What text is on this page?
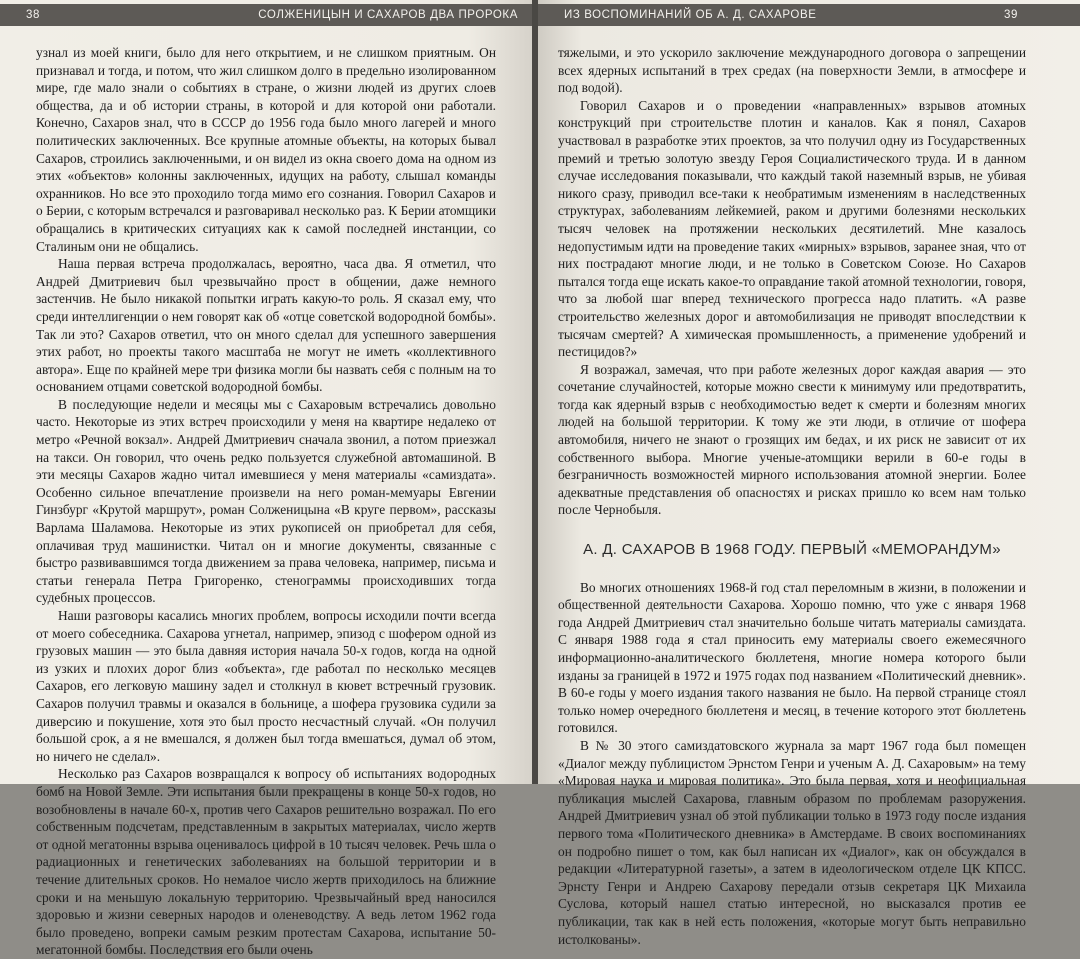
38	СОЛЖЕНИЦЫН И САХАРОВ ДВА ПРОРОКА

узнал из моей книги, было для него открытием, и не слишком приятным. Он признавал и тогда, и потом, что жил слишком долго в предельно изолированном мире, где мало знали о событиях в стране, о жизни людей из других слоев общества, да и об истории страны, в которой и для которой они работали. Конечно, Сахаров знал, что в СССР до 1956 года было много лагерей и много политических заключенных. Все крупные атомные объекты, на которых бывал Сахаров, строились заключенными, и он видел из окна своего дома на одном из этих «объектов» колонны заключенных, идущих на работу, слышал команды охранников. Но все это проходило тогда мимо его сознания. Говорил Сахаров и о Берии, с которым встречался и разговаривал несколько раз. К Берии атомщики обращались в критических ситуациях как к самой последней инстанции, со Сталиным они не общались.

Наша первая встреча продолжалась, вероятно, часа два. Я отметил, что Андрей Дмитриевич был чрезвычайно прост в общении, даже немного застенчив. Не было никакой попытки играть какую-то роль. Я сказал ему, что среди интеллигенции о нем говорят как об «отце советской водородной бомбы». Так ли это? Сахаров ответил, что он много сделал для успешного завершения этих работ, но проекты такого масштаба не могут не иметь «коллективного автора». Еще по крайней мере три физика могли бы назвать себя с полным на то основанием отцами советской водородной бомбы.

В последующие недели и месяцы мы с Сахаровым встречались довольно часто. Некоторые из этих встреч происходили у меня на квартире недалеко от метро «Речной вокзал». Андрей Дмитриевич сначала звонил, а потом приезжал на такси. Он говорил, что очень редко пользуется служебной автомашиной. В эти месяцы Сахаров жадно читал имевшиеся у меня материалы «самиздата». Особенно сильное впечатление произвели на него роман-мемуары Евгении Гинзбург «Крутой маршрут», роман Солженицына «В круге первом», рассказы Варлама Шаламова. Некоторые из этих рукописей он приобретал для себя, оплачивая труд машинистки. Читал он и многие документы, связанные с быстро развивавшимся тогда движением за права человека, например, письма и статьи генерала Петра Григоренко, стенограммы происходивших тогда судебных процессов.

Наши разговоры касались многих проблем, вопросы исходили почти всегда от моего собеседника. Сахарова угнетал, например, эпизод с шофером одной из грузовых машин — это была давняя история начала 50-х годов, когда на одной из узких и плохих дорог близ «объекта», где работал по несколько месяцев Сахаров, его легковую машину задел и столкнул в кювет встречный грузовик. Сахаров получил травмы и оказался в больнице, а шофера грузовика судили за диверсию и покушение, хотя это был просто несчастный случай. «Он получил большой срок, а я не вмешался, я должен был тогда вмешаться, думал об этом, но ничего не сделал».

Несколько раз Сахаров возвращался к вопросу об испытаниях водородных бомб на Новой Земле. Эти испытания были прекращены в конце 50-х годов, но возобновлены в начале 60-х, против чего Сахаров решительно возражал. По его собственным подсчетам, представленным в закрытых материалах, число жертв от одной мегатонны взрыва оценивалось цифрой в 10 тысяч человек. Речь шла о радиационных и генетических заболеваниях на большой территории и в течение длительных сроков. Но немалое число жертв приходилось на ближние сроки и на меньшую локальную территорию. Чрезвычайный вред наносился здоровью и жизни северных народов и оленеводству. А ведь летом 1962 года было проведено, вопреки самым резким протестам Сахарова, испытание 50-мегатонной бомбы. Последствия его были очень

ИЗ ВОСПОМИНАНИЙ ОБ А. Д. САХАРОВЕ	39

тяжелыми, и это ускорило заключение международного договора о запрещении всех ядерных испытаний в трех средах (на поверхности Земли, в атмосфере и под водой).

Говорил Сахаров и о проведении «направленных» взрывов атомных конструкций при строительстве плотин и каналов. Как я понял, Сахаров участвовал в разработке этих проектов, за что получил одну из Государственных премий и третью золотую звезду Героя Социалистического труда. И в данном случае исследования показывали, что каждый такой наземный взрыв, не убивая никого сразу, приводил все-таки к необратимым изменениям в наследственных структурах, заболеваниям лейкемией, раком и другими болезнями нескольких тысяч человек на протяжении нескольких десятилетий. Мне казалось недопустимым идти на проведение таких «мирных» взрывов, заранее зная, что от них пострадают многие люди, и не только в Советском Союзе. Но Сахаров пытался тогда еще искать какое-то оправдание такой атомной технологии, говоря, что за любой шаг вперед технического прогресса надо платить. «А разве строительство железных дорог и автомобилизация не приводят впоследствии к тысячам смертей? А химическая промышленность, а применение удобрений и пестицидов?»

Я возражал, замечая, что при работе железных дорог каждая авария — это сочетание случайностей, которые можно свести к минимуму или предотвратить, тогда как ядерный взрыв с необходимостью ведет к смерти и болезням многих людей на большой территории. К тому же эти люди, в отличие от шофера автомобиля, ничего не знают о грозящих им бедах, и их риск не зависит от их собственного выбора. Многие ученые-атомщики верили в 60-е годы в безграничность возможностей мирного использования атомной энергии. Более адекватные представления об опасностях и рисках пришло ко всем нам только после Чернобыля.

А. Д. САХАРОВ В 1968 ГОДУ. ПЕРВЫЙ «МЕМОРАНДУМ»

Во многих отношениях 1968-й год стал переломным в жизни, в положении и общественной деятельности Сахарова. Хорошо помню, что уже с января 1968 года Андрей Дмитриевич стал значительно больше читать материалы самиздата. С января 1988 года я стал приносить ему материалы своего ежемесячного информационно-аналитического бюллетеня, многие номера которого были изданы за границей в 1972 и 1975 годах под названием «Политический дневник». В 60-е годы у моего издания такого названия не было. На первой странице стоял только номер очередного бюллетеня и месяц, в течение которого этот бюллетень готовился.

В № 30 этого самиздатовского журнала за март 1967 года был помещен «Диалог между публицистом Эрнстом Генри и ученым А. Д. Сахаровым» на тему «Мировая наука и мировая политика». Это была первая, хотя и неофициальная публикация мыслей Сахарова, главным образом по проблемам разоружения. Андрей Дмитриевич узнал об этой публикации только в 1973 году после издания первого тома «Политического дневника» в Амстердаме. В своих воспоминаниях он подробно пишет о том, как был написан их «Диалог», как он обсуждался в редакции «Литературной газеты», а затем в идеологическом отделе ЦК КПСС. Эрнсту Генри и Андрею Сахарову передали отзыв секретаря ЦК Михаила Суслова, который нашел статью интересной, но высказался против ее публикации, так как в ней есть положения, «которые могут быть неправильно истолкованы».
